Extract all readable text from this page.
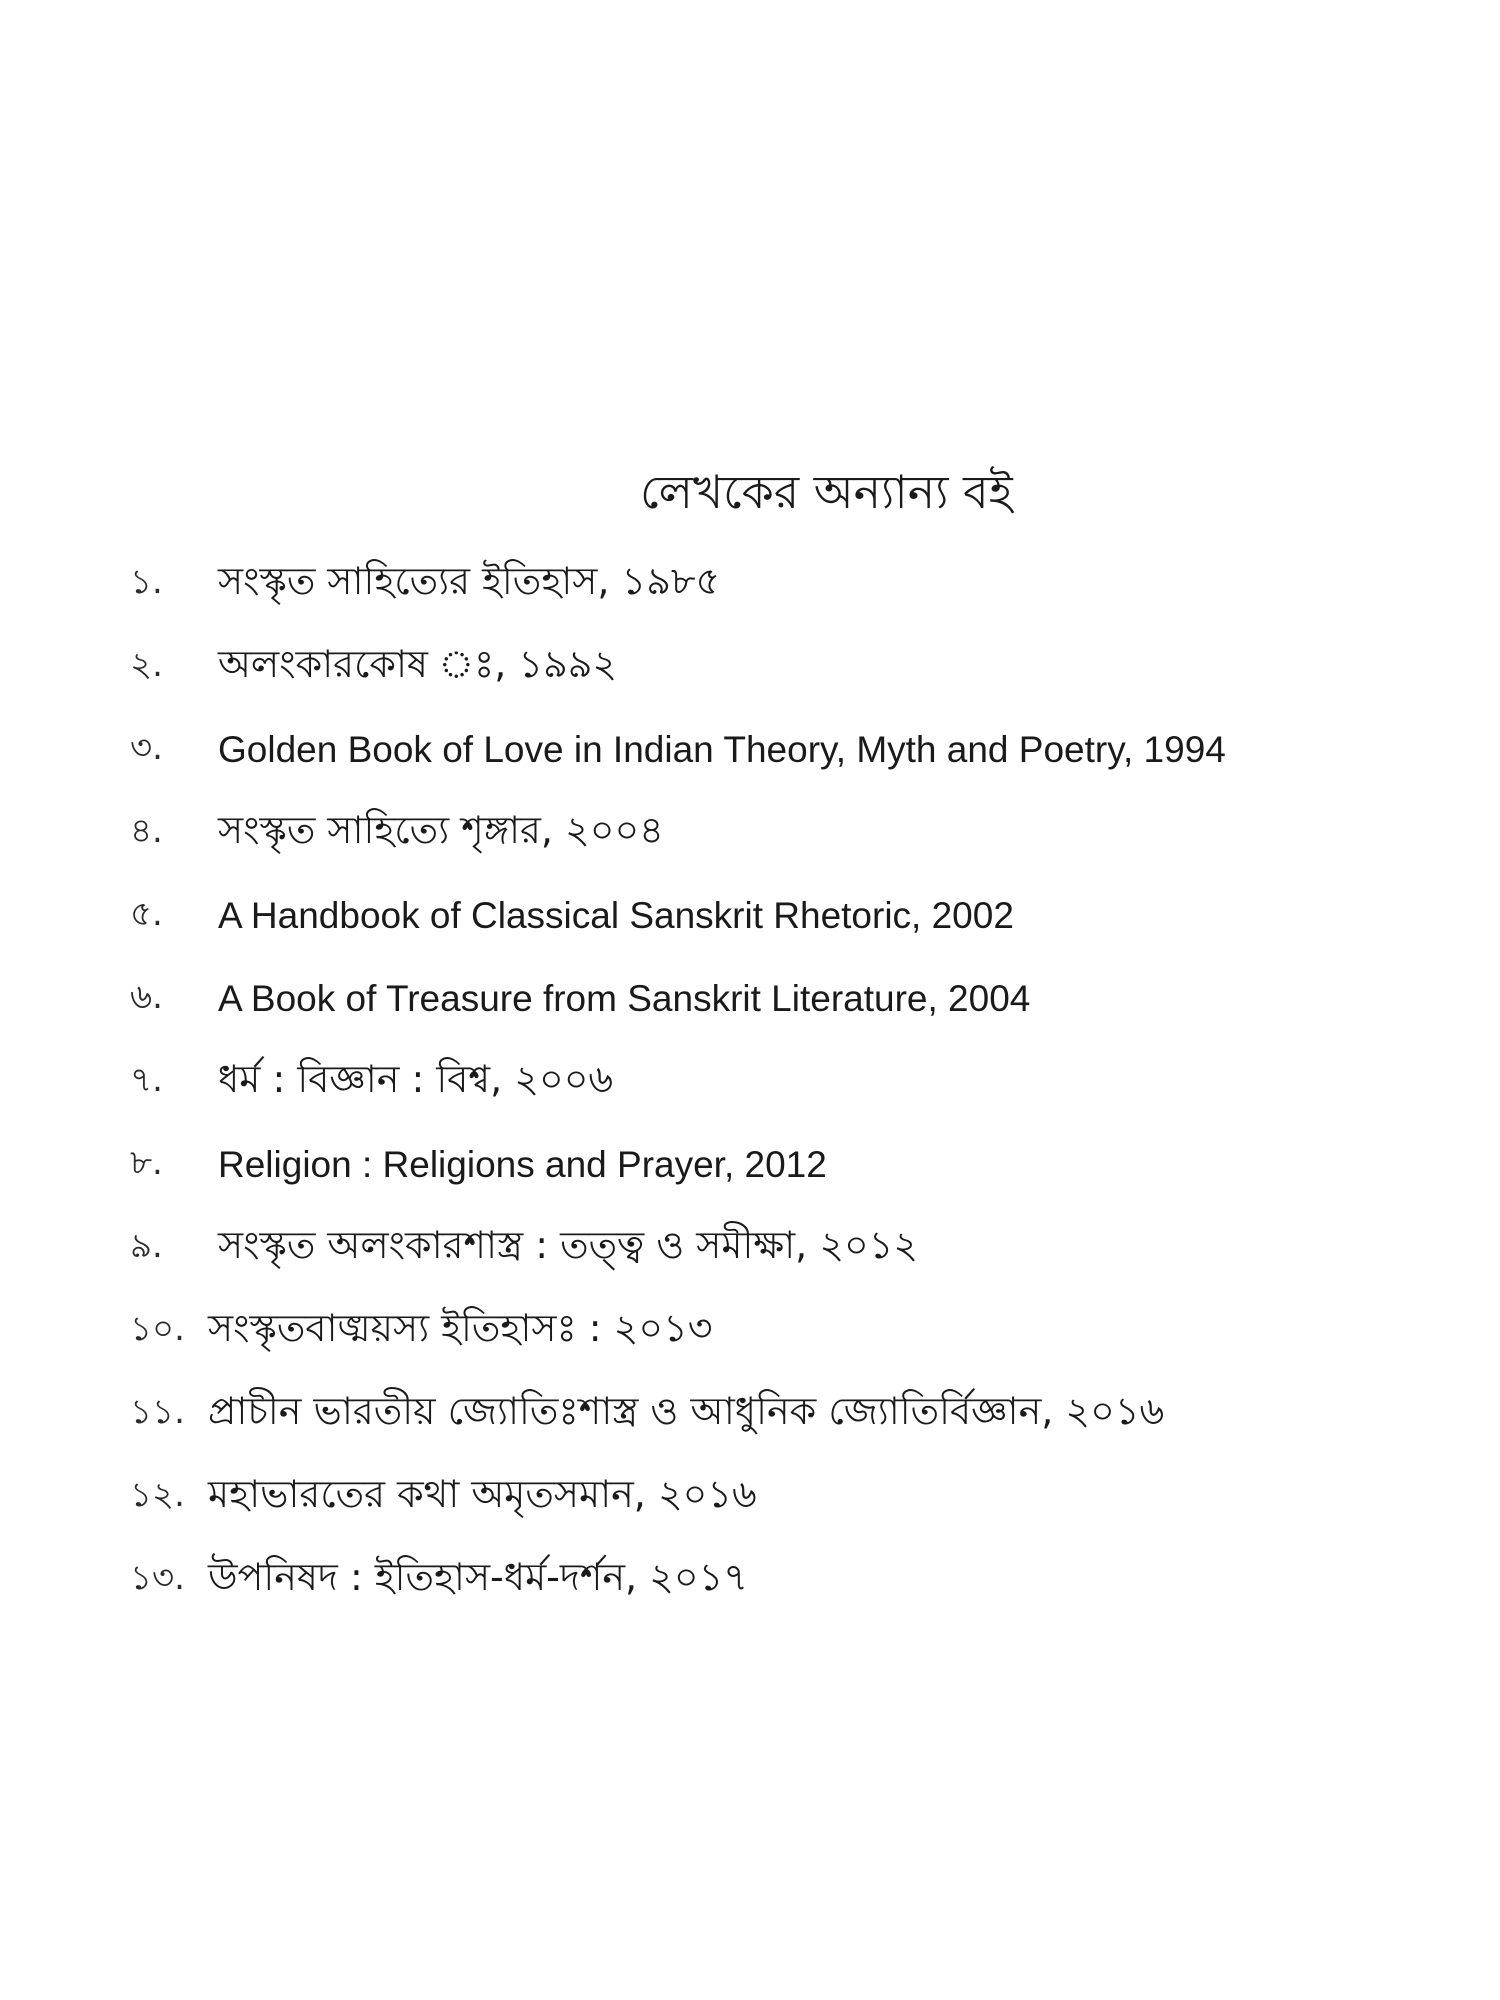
লেখকের অন্যান্য বই
১.	সংস্কৃত সাহিত্যের ইতিহাস, ১৯৮৫
২.	অলংকারকোষ ঃ, ১৯৯২
৩.	Golden Book of Love in Indian Theory, Myth and Poetry, 1994
৪.	সংস্কৃত সাহিত্যে শৃঙ্গার, ২০০৪
৫.	A Handbook of Classical Sanskrit Rhetoric, 2002
৬.	A Book of Treasure from Sanskrit Literature, 2004
৭.	ধর্ম : বিজ্ঞান : বিশ্ব, ২০০৬
৮.	Religion : Religions and Prayer, 2012
৯.	সংস্কৃত অলংকারশাস্ত্র : তত্ত্ব ও সমীক্ষা, ২০১২
১০. সংস্কৃতবাঙ্ময়স্য ইতিহাসঃ : ২০১৩
১১. প্রাচীন ভারতীয় জ্যোতিঃশাস্ত্র ও আধুনিক জ্যোতির্বিজ্ঞান, ২০১৬
১২. মহাভারতের কথা অমৃতসমান, ২০১৬
১৩. উপনিষদ : ইতিহাস-ধর্ম-দর্শন, ২০১৭
